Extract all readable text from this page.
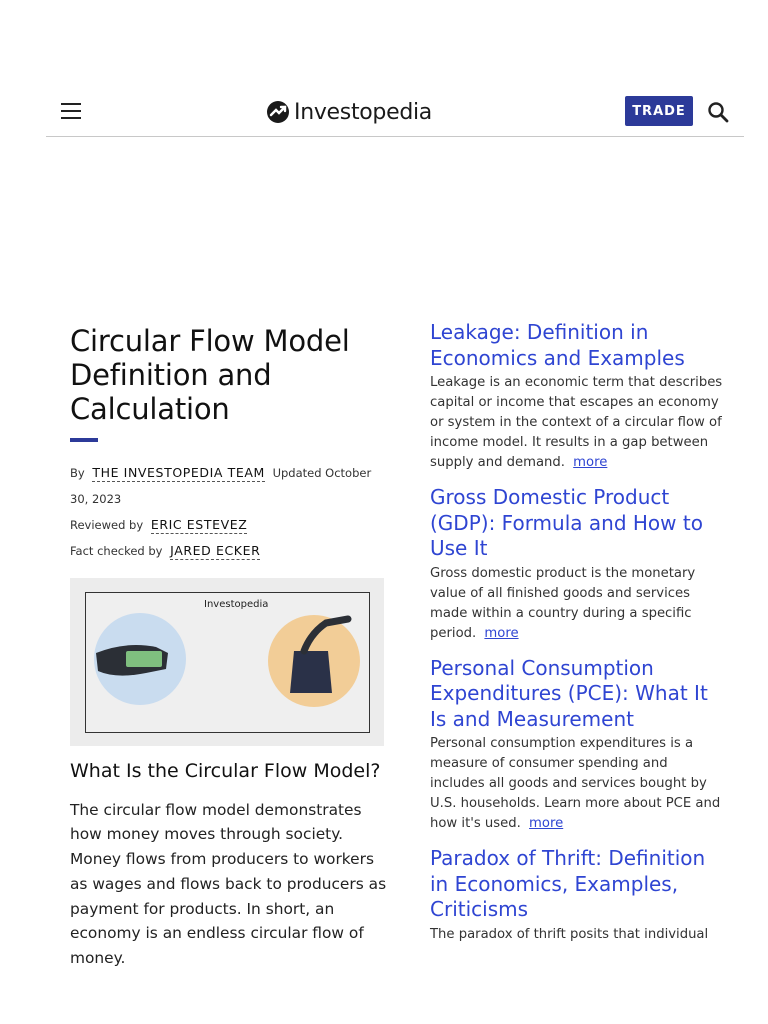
Investopedia	TRADE
Circular Flow Model Definition and Calculation
By THE INVESTOPEDIA TEAM Updated October 30, 2023
Reviewed by ERIC ESTEVEZ
Fact checked by JARED ECKER
Investopedia
What Is the Circular Flow Model?

The circular flow model demonstrates how money moves through society. Money flows from producers to workers as wages and flows back to producers as payment for products. In short, an economy is an endless circular flow of money.

Leakage: Definition in Economics and Examples
Leakage is an economic term that describes capital or income that escapes an economy or system in the context of a circular flow of income model. It results in a gap between supply and demand. more
Gross Domestic Product (GDP): Formula and How to Use It
Gross domestic product is the monetary value of all finished goods and services made within a country during a specific period. more
Personal Consumption Expenditures (PCE): What It Is and Measurement
Personal consumption expenditures is a measure of consumer spending and includes all goods and services bought by U.S. households. Learn more about PCE and how it's used. more
Paradox of Thrift: Definition in Economics, Examples, Criticisms
The paradox of thrift posits that individual
